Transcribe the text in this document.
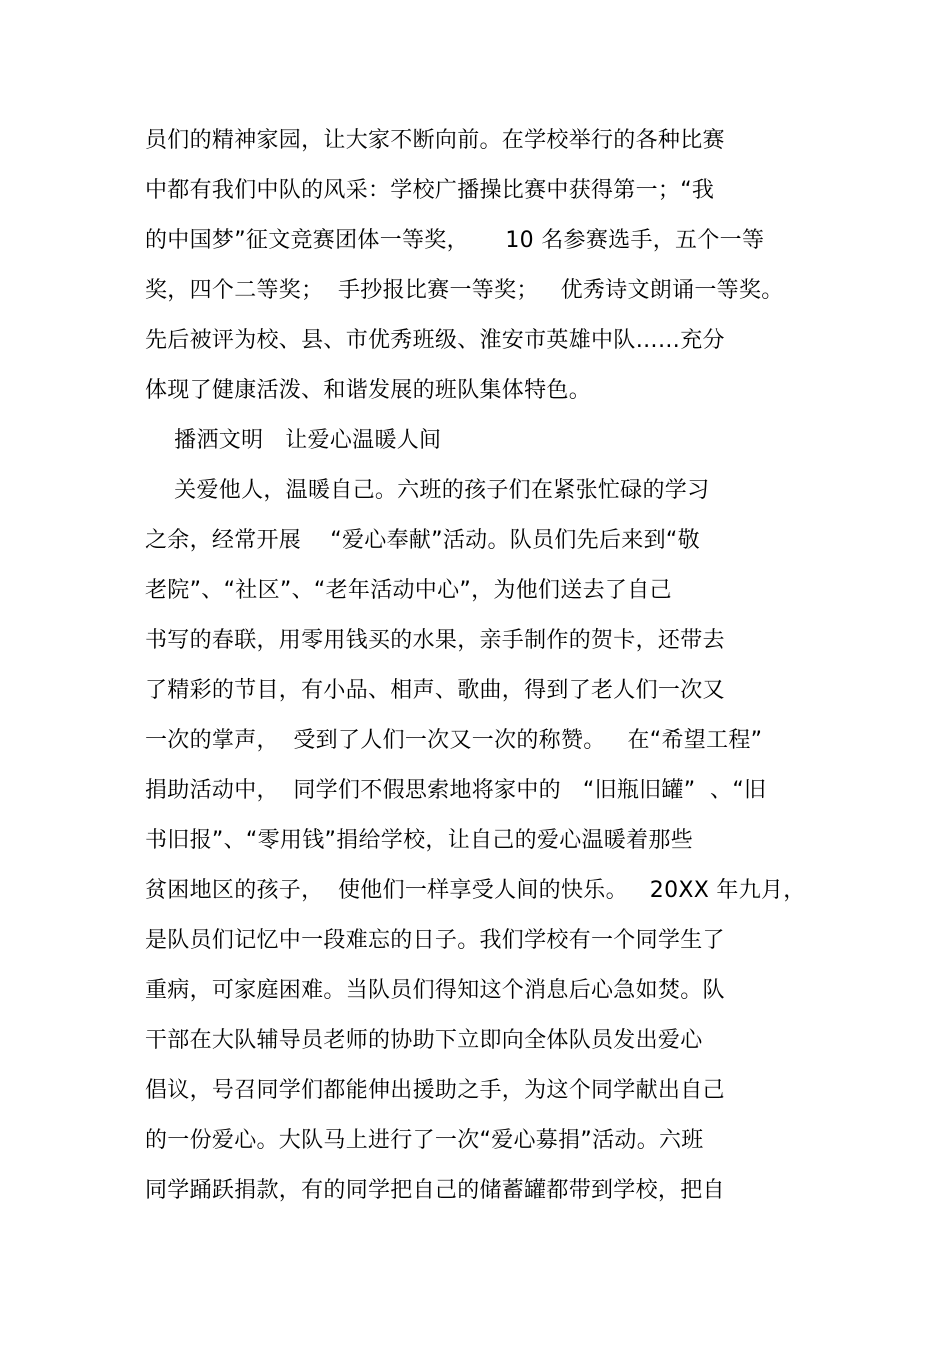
员们的精神家园，让大家不断向前。在学校举行的各种比赛
中都有我们中队的风采：学校广播操比赛中获得第一；“我
的中国梦”征文竞赛团体一等奖，     10 名参赛选手，五个一等
奖，四个二等奖；  手抄报比赛一等奖；   优秀诗文朗诵一等奖。
先后被评为校、县、市优秀班级、淮安市英雄中队……充分
体现了健康活泼、和谐发展的班队集体特色。
播洒文明   让爱心温暖人间
关爱他人，温暖自己。六班的孩子们在紧张忙碌的学习
之余，经常开展    “爱心奉献”活动。队员们先后来到“敬
老院”、“社区”、“老年活动中心”，为他们送去了自己
书写的春联，用零用钱买的水果，亲手制作的贺卡，还带去
了精彩的节目，有小品、相声、歌曲，得到了老人们一次又
一次的掌声，  受到了人们一次又一次的称赞。   在“希望工程”
捐助活动中，  同学们不假思索地将家中的   “旧瓶旧罐”  、“旧
书旧报”、“零用钱”捐给学校，让自己的爱心温暖着那些
贫困地区的孩子，  使他们一样享受人间的快乐。   20XX 年九月，
是队员们记忆中一段难忘的日子。我们学校有一个同学生了
重病，可家庭困难。当队员们得知这个消息后心急如焚。队
干部在大队辅导员老师的协助下立即向全体队员发出爱心
倡议，号召同学们都能伸出援助之手，为这个同学献出自己
的一份爱心。大队马上进行了一次“爱心募捐”活动。六班
同学踊跃捐款，有的同学把自己的储蓄罐都带到学校，把自
